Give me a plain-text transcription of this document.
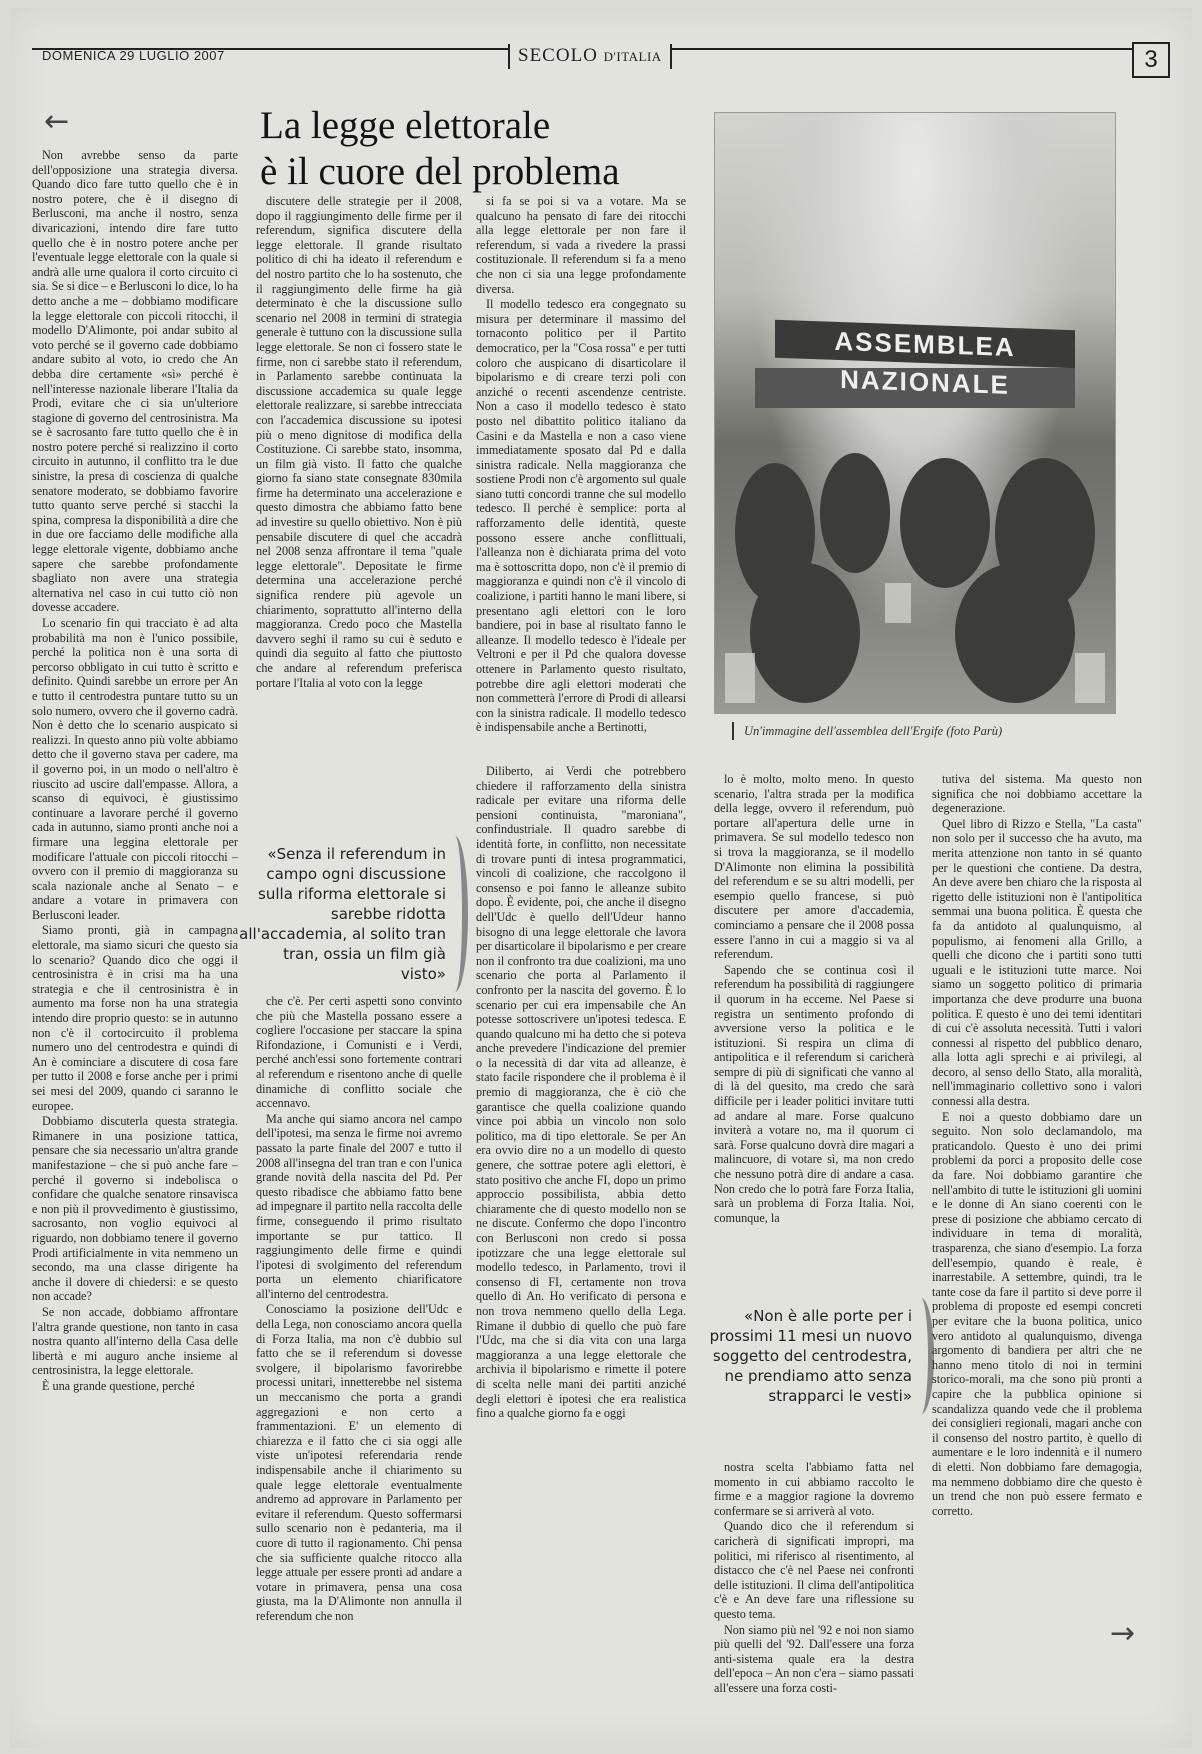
DOMENICA 29 LUGLIO 2007	SECOLO D'ITALIA	3
←	La legge elettorale
è il cuore del problema

Non avrebbe senso da parte dell'opposizione una strategia diversa. Quando dico fare tutto quello che è in nostro potere, che è il disegno di Berlusconi, ma anche il nostro, senza divaricazioni, intendo dire fare tutto quello che è in nostro potere anche per l'eventuale legge elettorale con la quale si andrà alle urne qualora il corto circuito ci sia. Se si dice – e Berlusconi lo dice, lo ha detto anche a me – dobbiamo modificare la legge elettorale con piccoli ritocchi, il modello D'Alimonte, poi andar subito al voto perché se il governo cade dobbiamo andare subito al voto, io credo che An debba dire certamente «sì» perché è nell'interesse nazionale liberare l'Italia da Prodi, evitare che ci sia un'ulteriore stagione di governo del centrosinistra. Ma se è sacrosanto fare tutto quello che è in nostro potere perché si realizzino il corto circuito in autunno, il conflitto tra le due sinistre, la presa di coscienza di qualche senatore moderato, se dobbiamo favorire tutto quanto serve perché si stacchi la spina, compresa la disponibilità a dire che in due ore facciamo delle modifiche alla legge elettorale vigente, dobbiamo anche sapere che sarebbe profondamente sbagliato non avere una strategia alternativa nel caso in cui tutto ciò non dovesse accadere.

Lo scenario fin qui tracciato è ad alta probabilità ma non è l'unico possibile, perché la politica non è una sorta di percorso obbligato in cui tutto è scritto e definito. Quindi sarebbe un errore per An e tutto il centrodestra puntare tutto su un solo numero, ovvero che il governo cadrà. Non è detto che lo scenario auspicato si realizzi. In questo anno più volte abbiamo detto che il governo stava per cadere, ma il governo poi, in un modo o nell'altro è riuscito ad uscire dall'empasse. Allora, a scanso di equivoci, è giustissimo continuare a lavorare perché il governo cada in autunno, siamo pronti anche noi a firmare una leggina elettorale per modificare l'attuale con piccoli ritocchi – ovvero con il premio di maggioranza su scala nazionale anche al Senato – e andare a votare in primavera con Berlusconi leader.

Siamo pronti, già in campagna elettorale, ma siamo sicuri che questo sia lo scenario? Quando dico che oggi il centrosinistra è in crisi ma ha una strategia e che il centrosinistra è in aumento ma forse non ha una strategia intendo dire proprio questo: se in autunno non c'è il cortocircuito il problema numero uno del centrodestra e quindi di An è cominciare a discutere di cosa fare per tutto il 2008 e forse anche per i primi sei mesi del 2009, quando ci saranno le europee.

Dobbiamo discuterla questa strategia. Rimanere in una posizione tattica, pensare che sia necessario un'altra grande manifestazione – che si può anche fare – perché il governo si indebolisca o confidare che qualche senatore rinsavisca e non più il provvedimento è giustissimo, sacrosanto, non voglio equivoci al riguardo, non dobbiamo tenere il governo Prodi artificialmente in vita nemmeno un secondo, ma una classe dirigente ha anche il dovere di chiedersi: e se questo non accade?

Se non accade, dobbiamo affrontare l'altra grande questione, non tanto in casa nostra quanto all'interno della Casa delle libertà e mi auguro anche insieme al centrosinistra, la legge elettorale.

È una grande questione, perché

discutere delle strategie per il 2008, dopo il raggiungimento delle firme per il referendum, significa discutere della legge elettorale. Il grande risultato politico di chi ha ideato il referendum e del nostro partito che lo ha sostenuto, che il raggiungimento delle firme ha già determinato è che la discussione sullo scenario nel 2008 in termini di strategia generale è tuttuno con la discussione sulla legge elettorale. Se non ci fossero state le firme, non ci sarebbe stato il referendum, in Parlamento sarebbe continuata la discussione accademica su quale legge elettorale realizzare, si sarebbe intrecciata con l'accademica discussione su ipotesi più o meno dignitose di modifica della Costituzione. Ci sarebbe stato, insomma, un film già visto. Il fatto che qualche giorno fa siano state consegnate 830mila firme ha determinato una accelerazione e questo dimostra che abbiamo fatto bene ad investire su quello obiettivo. Non è più pensabile discutere di quel che accadrà nel 2008 senza affrontare il tema "quale legge elettorale". Depositate le firme determina una accelerazione perché significa rendere più agevole un chiarimento, soprattutto all'interno della maggioranza. Credo poco che Mastella davvero seghi il ramo su cui è seduto e quindi dia seguito al fatto che piuttosto che andare al referendum preferisca portare l'Italia al voto con la legge

si fa se poi si va a votare. Ma se qualcuno ha pensato di fare dei ritocchi alla legge elettorale per non fare il referendum, si vada a rivedere la prassi costituzionale. Il referendum si fa a meno che non ci sia una legge profondamente diversa.

Il modello tedesco era congegnato su misura per determinare il massimo del tornaconto politico per il Partito democratico, per la "Cosa rossa" e per tutti coloro che auspicano di disarticolare il bipolarismo e di creare terzi poli con anziché o recenti ascendenze centriste. Non a caso il modello tedesco è stato posto nel dibattito politico italiano da Casini e da Mastella e non a caso viene immediatamente sposato dal Pd e dalla sinistra radicale. Nella maggioranza che sostiene Prodi non c'è argomento sul quale siano tutti concordi tranne che sul modello tedesco. Il perché è semplice: porta al rafforzamento delle identità, queste possono essere anche conflittuali, l'alleanza non è dichiarata prima del voto ma è sottoscritta dopo, non c'è il premio di maggioranza e quindi non c'è il vincolo di coalizione, i partiti hanno le mani libere, si presentano agli elettori con le loro bandiere, poi in base al risultato fanno le alleanze. Il modello tedesco è l'ideale per Veltroni e per il Pd che qualora dovesse ottenere in Parlamento questo risultato, potrebbe dire agli elettori moderati che non commetterà l'errore di Prodi di allearsi con la sinistra radicale. Il modello tedesco è indispensabile anche a Bertinotti,

ASSEMBLEA NAZIONALE
Un'immagine dell'assemblea dell'Ergife (foto Parù)
«Senza il referendum in campo ogni discussione sulla riforma elettorale si sarebbe ridotta all'accademia, al solito tran tran, ossia un film già visto»

che c'è. Per certi aspetti sono convinto che più che Mastella possano essere a cogliere l'occasione per staccare la spina Rifondazione, i Comunisti e i Verdi, perché anch'essi sono fortemente contrari al referendum e risentono anche di quelle dinamiche di conflitto sociale che accennavo.

Ma anche qui siamo ancora nel campo dell'ipotesi, ma senza le firme noi avremo passato la parte finale del 2007 e tutto il 2008 all'insegna del tran tran e con l'unica grande novità della nascita del Pd. Per questo ribadisce che abbiamo fatto bene ad impegnare il partito nella raccolta delle firme, conseguendo il primo risultato importante se pur tattico. Il raggiungimento delle firme e quindi l'ipotesi di svolgimento del referendum porta un elemento chiarificatore all'interno del centrodestra.

Conosciamo la posizione dell'Udc e della Lega, non conosciamo ancora quella di Forza Italia, ma non c'è dubbio sul fatto che se il referendum si dovesse svolgere, il bipolarismo favorirebbe processi unitari, innetterebbe nel sistema un meccanismo che porta a grandi aggregazioni e non certo a frammentazioni. E' un elemento di chiarezza e il fatto che ci sia oggi alle viste un'ipotesi referendaria rende indispensabile anche il chiarimento su quale legge elettorale eventualmente andremo ad approvare in Parlamento per evitare il referendum. Questo soffermarsi sullo scenario non è pedanteria, ma il cuore di tutto il ragionamento. Chi pensa che sia sufficiente qualche ritocco alla legge attuale per essere pronti ad andare a votare in primavera, pensa una cosa giusta, ma la D'Alimonte non annulla il referendum che non

Diliberto, ai Verdi che potrebbero chiedere il rafforzamento della sinistra radicale per evitare una riforma delle pensioni continuista, "maroniana", confindustriale. Il quadro sarebbe di identità forte, in conflitto, non necessitate di trovare punti di intesa programmatici, vincoli di coalizione, che raccolgono il consenso e poi fanno le alleanze subito dopo. È evidente, poi, che anche il disegno dell'Udc è quello dell'Udeur hanno bisogno di una legge elettorale che lavora per disarticolare il bipolarismo e per creare non il confronto tra due coalizioni, ma uno scenario che porta al Parlamento il confronto per la nascita del governo. È lo scenario per cui era impensabile che An potesse sottoscrivere un'ipotesi tedesca. E quando qualcuno mi ha detto che si poteva anche prevedere l'indicazione del premier o la necessità di dar vita ad alleanze, è stato facile rispondere che il problema è il premio di maggioranza, che è ciò che garantisce che quella coalizione quando vince poi abbia un vincolo non solo politico, ma di tipo elettorale. Se per An era ovvio dire no a un modello di questo genere, che sottrae potere agli elettori, è stato positivo che anche FI, dopo un primo approccio possibilista, abbia detto chiaramente che di questo modello non se ne discute. Confermo che dopo l'incontro con Berlusconi non credo si possa ipotizzare che una legge elettorale sul modello tedesco, in Parlamento, trovi il consenso di FI, certamente non trova quello di An. Ho verificato di persona e non trova nemmeno quello della Lega. Rimane il dubbio di quello che può fare l'Udc, ma che si dia vita con una larga maggioranza a una legge elettorale che archivia il bipolarismo e rimette il potere di scelta nelle mani dei partiti anziché degli elettori è ipotesi che era realistica fino a qualche giorno fa e oggi

lo è molto, molto meno. In questo scenario, l'altra strada per la modifica della legge, ovvero il referendum, può portare all'apertura delle urne in primavera. Se sul modello tedesco non si trova la maggioranza, se il modello D'Alimonte non elimina la possibilità del referendum e se su altri modelli, per esempio quello francese, si può discutere per amore d'accademia, cominciamo a pensare che il 2008 possa essere l'anno in cui a maggio si va al referendum.

Sapendo che se continua così il referendum ha possibilità di raggiungere il quorum in ha ecceme. Nel Paese si registra un sentimento profondo di avversione verso la politica e le istituzioni. Si respira un clima di antipolitica e il referendum si caricherà sempre di più di significati che vanno al di là del quesito, ma credo che sarà difficile per i leader politici invitare tutti ad andare al mare. Forse qualcuno inviterà a votare no, ma il quorum ci sarà. Forse qualcuno dovrà dire magari a malincuore, di votare sì, ma non credo che nessuno potrà dire di andare a casa. Non credo che lo potrà fare Forza Italia, sarà un problema di Forza Italia. Noi, comunque, la

«Non è alle porte per i prossimi 11 mesi un nuovo soggetto del centrodestra, ne prendiamo atto senza strapparci le vesti»

nostra scelta l'abbiamo fatta nel momento in cui abbiamo raccolto le firme e a maggior ragione la dovremo confermare se si arriverà al voto.

Quando dico che il referendum si caricherà di significati impropri, ma politici, mi riferisco al risentimento, al distacco che c'è nel Paese nei confronti delle istituzioni. Il clima dell'antipolitica c'è e An deve fare una riflessione su questo tema.

Non siamo più nel '92 e noi non siamo più quelli del '92. Dall'essere una forza anti-sistema quale era la destra dell'epoca – An non c'era – siamo passati all'essere una forza costi-

tutiva del sistema. Ma questo non significa che noi dobbiamo accettare la degenerazione.

Quel libro di Rizzo e Stella, "La casta" non solo per il successo che ha avuto, ma merita attenzione non tanto in sé quanto per le questioni che contiene. Da destra, An deve avere ben chiaro che la risposta al rigetto delle istituzioni non è l'antipolitica semmai una buona politica. È questa che fa da antidoto al qualunquismo, al populismo, ai fenomeni alla Grillo, a quelli che dicono che i partiti sono tutti uguali e le istituzioni tutte marce. Noi siamo un soggetto politico di primaria importanza che deve produrre una buona politica. E questo è uno dei temi identitari di cui c'è assoluta necessità. Tutti i valori connessi al rispetto del pubblico denaro, alla lotta agli sprechi e ai privilegi, al decoro, al senso dello Stato, alla moralità, nell'immaginario collettivo sono i valori connessi alla destra.

E noi a questo dobbiamo dare un seguito. Non solo declamandolo, ma praticandolo. Questo è uno dei primi problemi da porci a proposito delle cose da fare. Noi dobbiamo garantire che nell'ambito di tutte le istituzioni gli uomini e le donne di An siano coerenti con le prese di posizione che abbiamo cercato di individuare in tema di moralità, trasparenza, che siano d'esempio. La forza dell'esempio, quando è reale, è inarrestabile. A settembre, quindi, tra le tante cose da fare il partito si deve porre il problema di proposte ed esempi concreti per evitare che la buona politica, unico vero antidoto al qualunquismo, divenga argomento di bandiera per altri che ne hanno meno titolo di noi in termini storico-morali, ma che sono più pronti a capire che la pubblica opinione si scandalizza quando vede che il problema dei consiglieri regionali, magari anche con il consenso del nostro partito, è quello di aumentare e le loro indennità e il numero di eletti. Non dobbiamo fare demagogia, ma nemmeno dobbiamo dire che questo è un trend che non può essere fermato e corretto.

→
